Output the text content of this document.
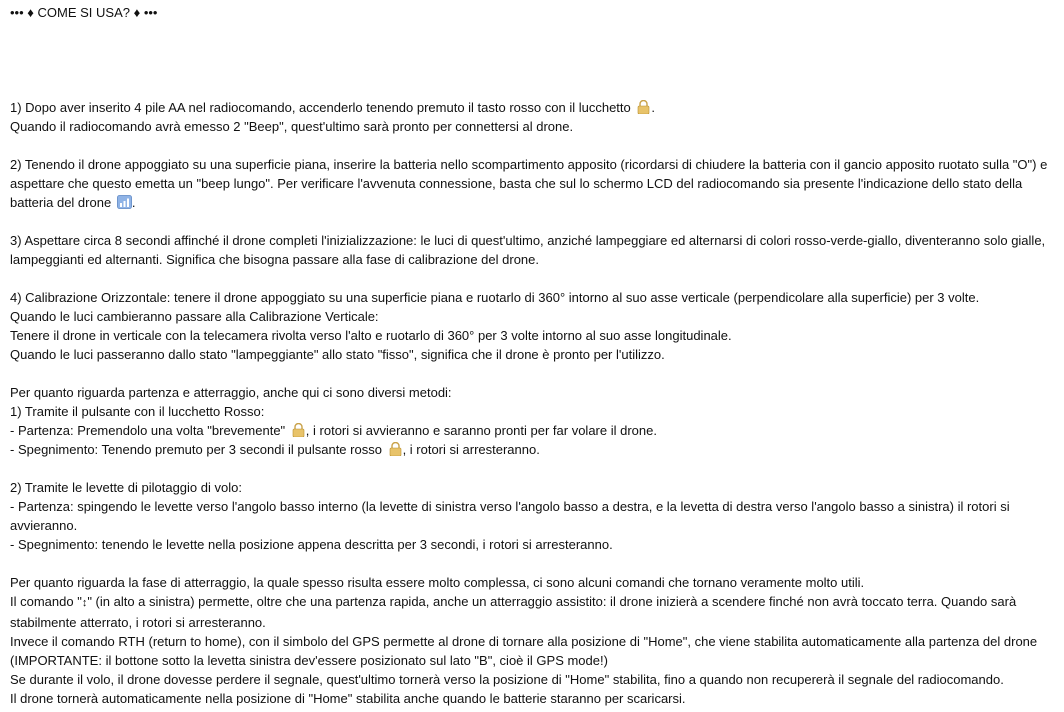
••• ♦ COME SI USA? ♦ •••
1) Dopo aver inserito 4 pile AA nel radiocomando, accenderlo tenendo premuto il tasto rosso con il lucchetto .
Quando il radiocomando avrà emesso 2 "Beep", quest'ultimo sarà pronto per connettersi al drone.
2) Tenendo il drone appoggiato su una superficie piana, inserire la batteria nello scompartimento apposito (ricordarsi di chiudere la batteria con il gancio apposito ruotato sulla "O") e aspettare che questo emetta un "beep lungo". Per verificare l'avvenuta connessione, basta che sul lo schermo LCD del radiocomando sia presente l'indicazione dello stato della batteria del drone .
3) Aspettare circa 8 secondi affinché il drone completi l'inizializzazione: le luci di quest'ultimo, anziché lampeggiare ed alternarsi di colori rosso-verde-giallo, diventeranno solo gialle, lampeggianti ed alternanti. Significa che bisogna passare alla fase di calibrazione del drone.
4) Calibrazione Orizzontale: tenere il drone appoggiato su una superficie piana e ruotarlo di 360° intorno al suo asse verticale (perpendicolare alla superficie) per 3 volte.
Quando le luci cambieranno passare alla Calibrazione Verticale:
Tenere il drone in verticale con la telecamera rivolta verso l'alto e ruotarlo di 360° per 3 volte intorno al suo asse longitudinale.
Quando le luci passeranno dallo stato "lampeggiante" allo stato "fisso", significa che il drone è pronto per l'utilizzo.
Per quanto riguarda partenza e atterraggio, anche qui ci sono diversi metodi:
1) Tramite il pulsante con il lucchetto Rosso:
- Partenza: Premendolo una volta "brevemente" , i rotori si avvieranno e saranno pronti per far volare il drone.
- Spegnimento: Tenendo premuto per 3 secondi il pulsante rosso , i rotori si arresteranno.
2) Tramite le levette di pilotaggio di volo:
- Partenza: spingendo le levette verso l'angolo basso interno (la levette di sinistra verso l'angolo basso a destra, e la levetta di destra verso l'angolo basso a sinistra) il rotori si avvieranno.
- Spegnimento: tenendo le levette nella posizione appena descritta per 3 secondi, i rotori si arresteranno.
Per quanto riguarda la fase di atterraggio, la quale spesso risulta essere molto complessa, ci sono alcuni comandi che tornano veramente molto utili.
Il comando "↕" (in alto a sinistra) permette, oltre che una partenza rapida, anche un atterraggio assistito: il drone inizierà a scendere finché non avrà toccato terra. Quando sarà stabilmente atterrato, i rotori si arresteranno.
Invece il comando RTH (return to home), con il simbolo del GPS permette al drone di tornare alla posizione di "Home", che viene stabilita automaticamente alla partenza del drone (IMPORTANTE: il bottone sotto la levetta sinistra dev'essere posizionato sul lato "B", cioè il GPS mode!)
Se durante il volo, il drone dovesse perdere il segnale, quest'ultimo tornerà verso la posizione di "Home" stabilita, fino a quando non recupererà il segnale del radiocomando.
Il drone tornerà automaticamente nella posizione di "Home" stabilita anche quando le batterie staranno per scaricarsi.
